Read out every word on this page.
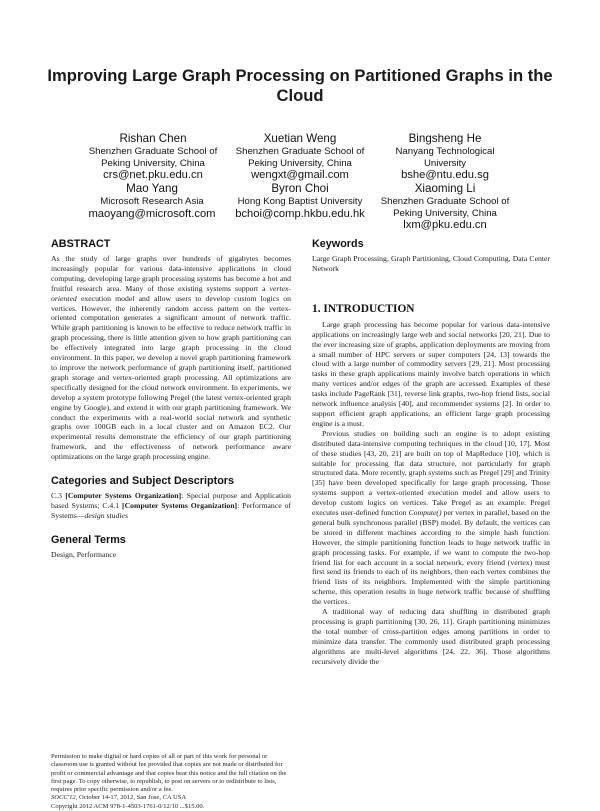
Improving Large Graph Processing on Partitioned Graphs in the Cloud
Rishan Chen
Shenzhen Graduate School of
Peking University, China
crs@net.pku.edu.cn
Xuetian Weng
Shenzhen Graduate School of
Peking University, China
wengxt@gmail.com
Bingsheng He
Nanyang Technological
University
bshe@ntu.edu.sg
Mao Yang
Microsoft Research Asia
maoyang@microsoft.com
Byron Choi
Hong Kong Baptist University
bchoi@comp.hkbu.edu.hk
Xiaoming Li
Shenzhen Graduate School of
Peking University, China
lxm@pku.edu.cn
ABSTRACT

As the study of large graphs over hundreds of gigabytes becomes increasingly popular for various data-intensive applications in cloud computing, developing large graph processing systems has become a hot and fruitful research area. Many of those existing systems support a vertex-oriented execution model and allow users to develop custom logics on vertices. However, the inherently random access pattern on the vertex-oriented computation generates a significant amount of network traffic. While graph partitioning is known to be effective to reduce network traffic in graph processing, there is little attention given to how graph partitioning can be effectively integrated into large graph processing in the cloud environment. In this paper, we develop a novel graph partitioning framework to improve the network performance of graph partitioning itself, partitioned graph storage and vertex-oriented graph processing. All optimizations are specifically designed for the cloud network environment. In experiments, we develop a system prototype following Pregel (the latest vertex-oriented graph engine by Google), and extend it with our graph partitioning framework. We conduct the experiments with a real-world social network and synthetic graphs over 100GB each in a local cluster and on Amazon EC2. Our experimental results demonstrate the efficiency of our graph partitioning framework, and the effectiveness of network performance aware optimizations on the large graph processing engine.

Categories and Subject Descriptors

C.3 [Computer Systems Organization]: Special purpose and Application based Systems; C.4.1 [Computer Systems Organization]: Performance of Systems—design studies

General Terms

Design, Performance

Permission to make digital or hard copies of all or part of this work for personal or classroom use is granted without fee provided that copies are not made or distributed for profit or commercial advantage and that copies bear this notice and the full citation on the first page. To copy otherwise, to republish, to post on servers or to redistribute to lists, requires prior specific permission and/or a fee.

SOCC'12, October 14-17, 2012, San Jose, CA USA

Copyright 2012 ACM 978-1-4503-1761-0/12/10 ...$15.00.

Keywords

Large Graph Processing, Graph Partitioning, Cloud Computing, Data Center Network

1. INTRODUCTION

Large graph processing has become popular for various data-intensive applications on increasingly large web and social networks [20, 21]. Due to the ever increasing size of graphs, application deployments are moving from a small number of HPC servers or super computers [24, 13] towards the cloud with a large number of commodity servers [29, 21]. Most processing tasks in these graph applications mainly involve batch operations in which many vertices and/or edges of the graph are accessed. Examples of these tasks include PageRank [31], reverse link graphs, two-hop friend lists, social network influence analysis [40], and recommender systems [2]. In order to support efficient graph applications, an efficient large graph processing engine is a must.

Previous studies on building such an engine is to adopt existing distributed data-intensive computing techniques in the cloud [10, 17]. Most of these studies [43, 20, 21] are built on top of MapReduce [10], which is suitable for processing flat data structure, not particularly for graph structured data. More recently, graph systems such as Pregel [29] and Trinity [35] have been developed specifically for large graph processing. Those systems support a vertex-oriented execution model and allow users to develop custom logics on vertices. Take Pregel as an example. Pregel executes user-defined function Compute() per vertex in parallel, based on the general bulk synchronous parallel (BSP) model. By default, the vertices can be stored in different machines according to the simple hash function. However, the simple partitioning function leads to huge network traffic in graph processing tasks. For example, if we want to compute the two-hop friend list for each account in a social network, every friend (vertex) must first send its friends to each of its neighbors, then each vertex combines the friend lists of its neighbors. Implemented with the simple partitioning scheme, this operation results in huge network traffic because of shuffling the vertices.

A traditional way of reducing data shuffling in distributed graph processing is graph partitioning [30, 26, 11]. Graph partitioning minimizes the total number of cross-partition edges among partitions in order to minimize data transfer. The commonly used distributed graph processing algorithms are multi-level algorithms [24, 22, 36]. Those algorithms recursively divide the
